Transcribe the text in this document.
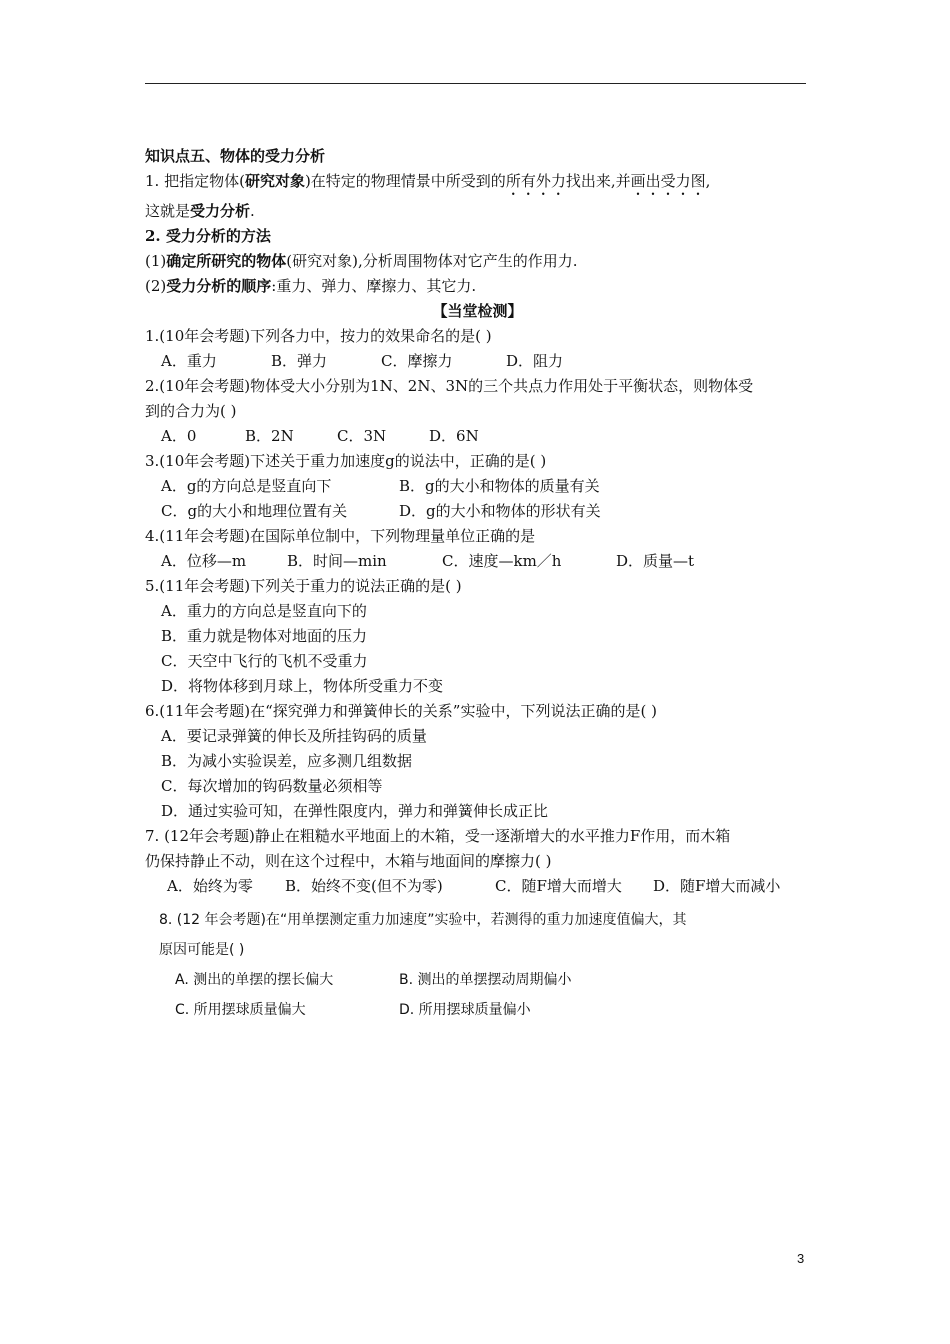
知识点五、物体的受力分析
1. 把指定物体(研究对象)在特定的物理情景中所受到的所有外力找出来,并画出受力图,
这就是受力分析.
2. 受力分析的方法
(1)确定所研究的物体(研究对象),分析周围物体对它产生的作用力.
(2)受力分析的顺序:重力、弹力、摩擦力、其它力.
【当堂检测】
1.(10年会考题)下列各力中，按力的效果命名的是( )
A．重力	B．弹力	C．摩擦力	D．阻力
2.(10年会考题)物体受大小分别为1N、2N、3N的三个共点力作用处于平衡状态，则物体受
到的合力为( )
A．0	B．2N	C．3N	D．6N
3.(10年会考题)下述关于重力加速度g的说法中，正确的是( )
A．g的方向总是竖直向下	B．g的大小和物体的质量有关
C．g的大小和地理位置有关	D．g的大小和物体的形状有关
4.(11年会考题)在国际单位制中，下列物理量单位正确的是
A．位移—m	B．时间—min	C．速度—km／h	D．质量—t
5.(11年会考题)下列关于重力的说法正确的是( )
A．重力的方向总是竖直向下的
B．重力就是物体对地面的压力
C．天空中飞行的飞机不受重力
D．将物体移到月球上，物体所受重力不变
6.(11年会考题)在“探究弹力和弹簧伸长的关系”实验中，下列说法正确的是( )
A．要记录弹簧的伸长及所挂钩码的质量
B．为减小实验误差，应多测几组数据
C．每次增加的钩码数量必须相等
D．通过实验可知，在弹性限度内，弹力和弹簧伸长成正比
7. (12年会考题)静止在粗糙水平地面上的木箱，受一逐渐增大的水平推力F作用，而木箱
仍保持静止不动，则在这个过程中，木箱与地面间的摩擦力( )
A．始终为零 B．始终不变(但不为零)	C．随F增大而增大 D．随F增大而减小
8. (12 年会考题)在“用单摆测定重力加速度”实验中，若测得的重力加速度值偏大，其
原因可能是( )
A. 测出的单摆的摆长偏大	B. 测出的单摆摆动周期偏小
C. 所用摆球质量偏大	D. 所用摆球质量偏小
3
